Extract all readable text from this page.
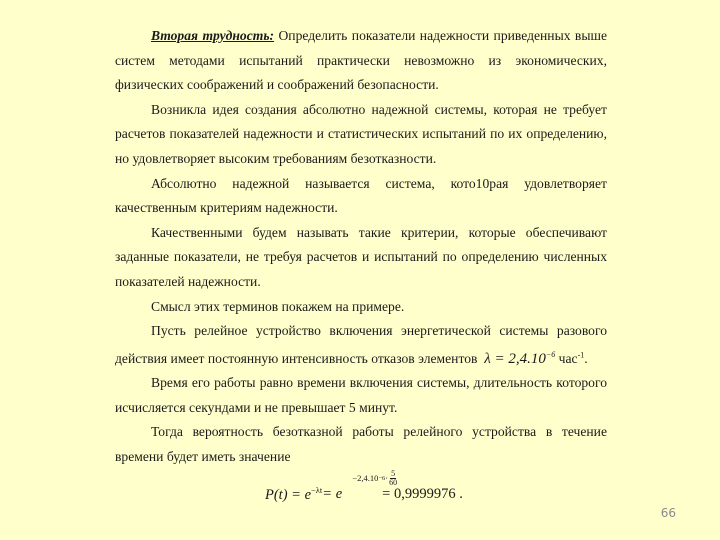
Вторая трудность: Определить показатели надежности приведенных выше систем методами испытаний практически невозможно из экономических, физических соображений и соображений безопасности.

Возникла идея создания абсолютно надежной системы, которая не требует расчетов показателей надежности и статистических испытаний по их определению, но удовлетворяет высоким требованиям безотказности.

Абсолютно надежной называется система, кото10рая удовлетворяет качественным критериям надежности.

Качественными будем называть такие критерии, которые обеспечивают заданные показатели, не требуя расчетов и испытаний по определению численных показателей надежности.

Смысл этих терминов покажем на примере.

Пусть релейное устройство включения энергетической системы разового действия имеет постоянную интенсивность отказов элементов $\lambda = 2,4.10^{-6}$ час$^{-1}$.

Время его работы равно времени включения системы, длительность которого исчисляется секундами и не превышает 5 минут.

Тогда вероятность безотказной работы релейного устройства в течение времени будет иметь значение

$P(t) = e^{-\lambda t} = e$
$-2,4.10 -6 \cdot \frac{5}{60}$
= 0,9999976 .
66
